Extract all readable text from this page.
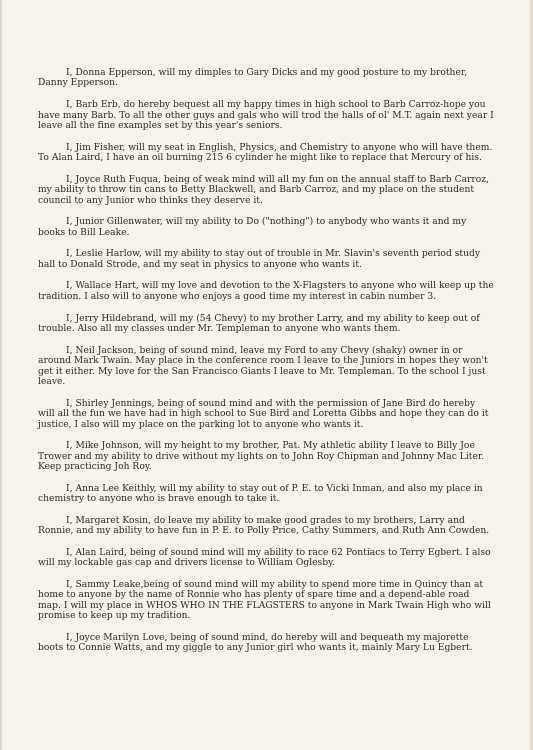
I, Donna Epperson, will my dimples to Gary Dicks and my good posture to my brother, Danny Epperson.

I, Barb Erb, do hereby bequest all my happy times in high school to Barb Carroz-hope you have many Barb. To all the other guys and gals who will trod the halls of ol' M.T. again next year I leave all the fine examples set by this year's seniors.

I, Jim Fisher, will my seat in English, Physics, and Chemistry to anyone who will have them. To Alan Laird, I have an oil burning 215 6 cylinder he might like to replace that Mercury of his.

I, Joyce Ruth Fuqua, being of weak mind will all my fun on the annual staff to Barb Carroz, my ability to throw tin cans to Betty Blackwell, and Barb Carroz, and my place on the student council to any Junior who thinks they deserve it.

I, Junior Gillenwater, will my ability to Do ("nothing") to anybody who wants it and my books to Bill Leake.

I, Leslie Harlow, will my ability to stay out of trouble in Mr. Slavin's seventh period study hall to Donald Strode, and my seat in physics to anyone who wants it.

I, Wallace Hart, will my love and devotion to the X-Flagsters to anyone who will keep up the tradition. I also will to anyone who enjoys a good time my interest in cabin number 3.

I, Jerry Hildebrand, will my (54 Chevy) to my brother Larry, and my ability to keep out of trouble. Also all my classes under Mr. Templeman to anyone who wants them.

I, Neil Jackson, being of sound mind, leave my Ford to any Chevy (shaky) owner in or around Mark Twain. May place in the conference room I leave to the Juniors in hopes they won't get it either. My love for the San Francisco Giants I leave to Mr. Templeman. To the school I just leave.

I, Shirley Jennings, being of sound mind and with the permission of Jane Bird do hereby will all the fun we have had in high school to Sue Bird and Loretta Gibbs and hope they can do it justice, I also will my place on the parking lot to anyone who wants it.

I, Mike Johnson, will my height to my brother, Pat. My athletic ability I leave to Billy Joe Trower and my ability to drive without my lights on to John Roy Chipman and Johnny Mac Liter. Keep practicing Joh Roy.

I, Anna Lee Keithly, will my ability to stay out of P. E. to Vicki Inman, and also my place in chemistry to anyone who is brave enough to take it.

I, Margaret Kosin, do leave my ability to make good grades to my brothers, Larry and Ronnie, and my ability to have fun in P. E. to Polly Price, Cathy Summers, and Ruth Ann Cowden.

I, Alan Laird, being of sound mind will my ability to race 62 Pontiacs to Terry Egbert. I also will my lockable gas cap and drivers license to William Oglesby.

I, Sammy Leake,being of sound mind will my ability to spend more time in Quincy than at home to anyone by the name of Ronnie who has plenty of spare time and a depend-able road map. I will my place in WHOS WHO IN THE FLAGSTERS to anyone in Mark Twain High who will promise to keep up my tradition.

I, Joyce Marilyn Love, being of sound mind, do hereby will and bequeath my majorette boots to Connie Watts, and my giggle to any Junior girl who wants it, mainly Mary Lu Egbert.
